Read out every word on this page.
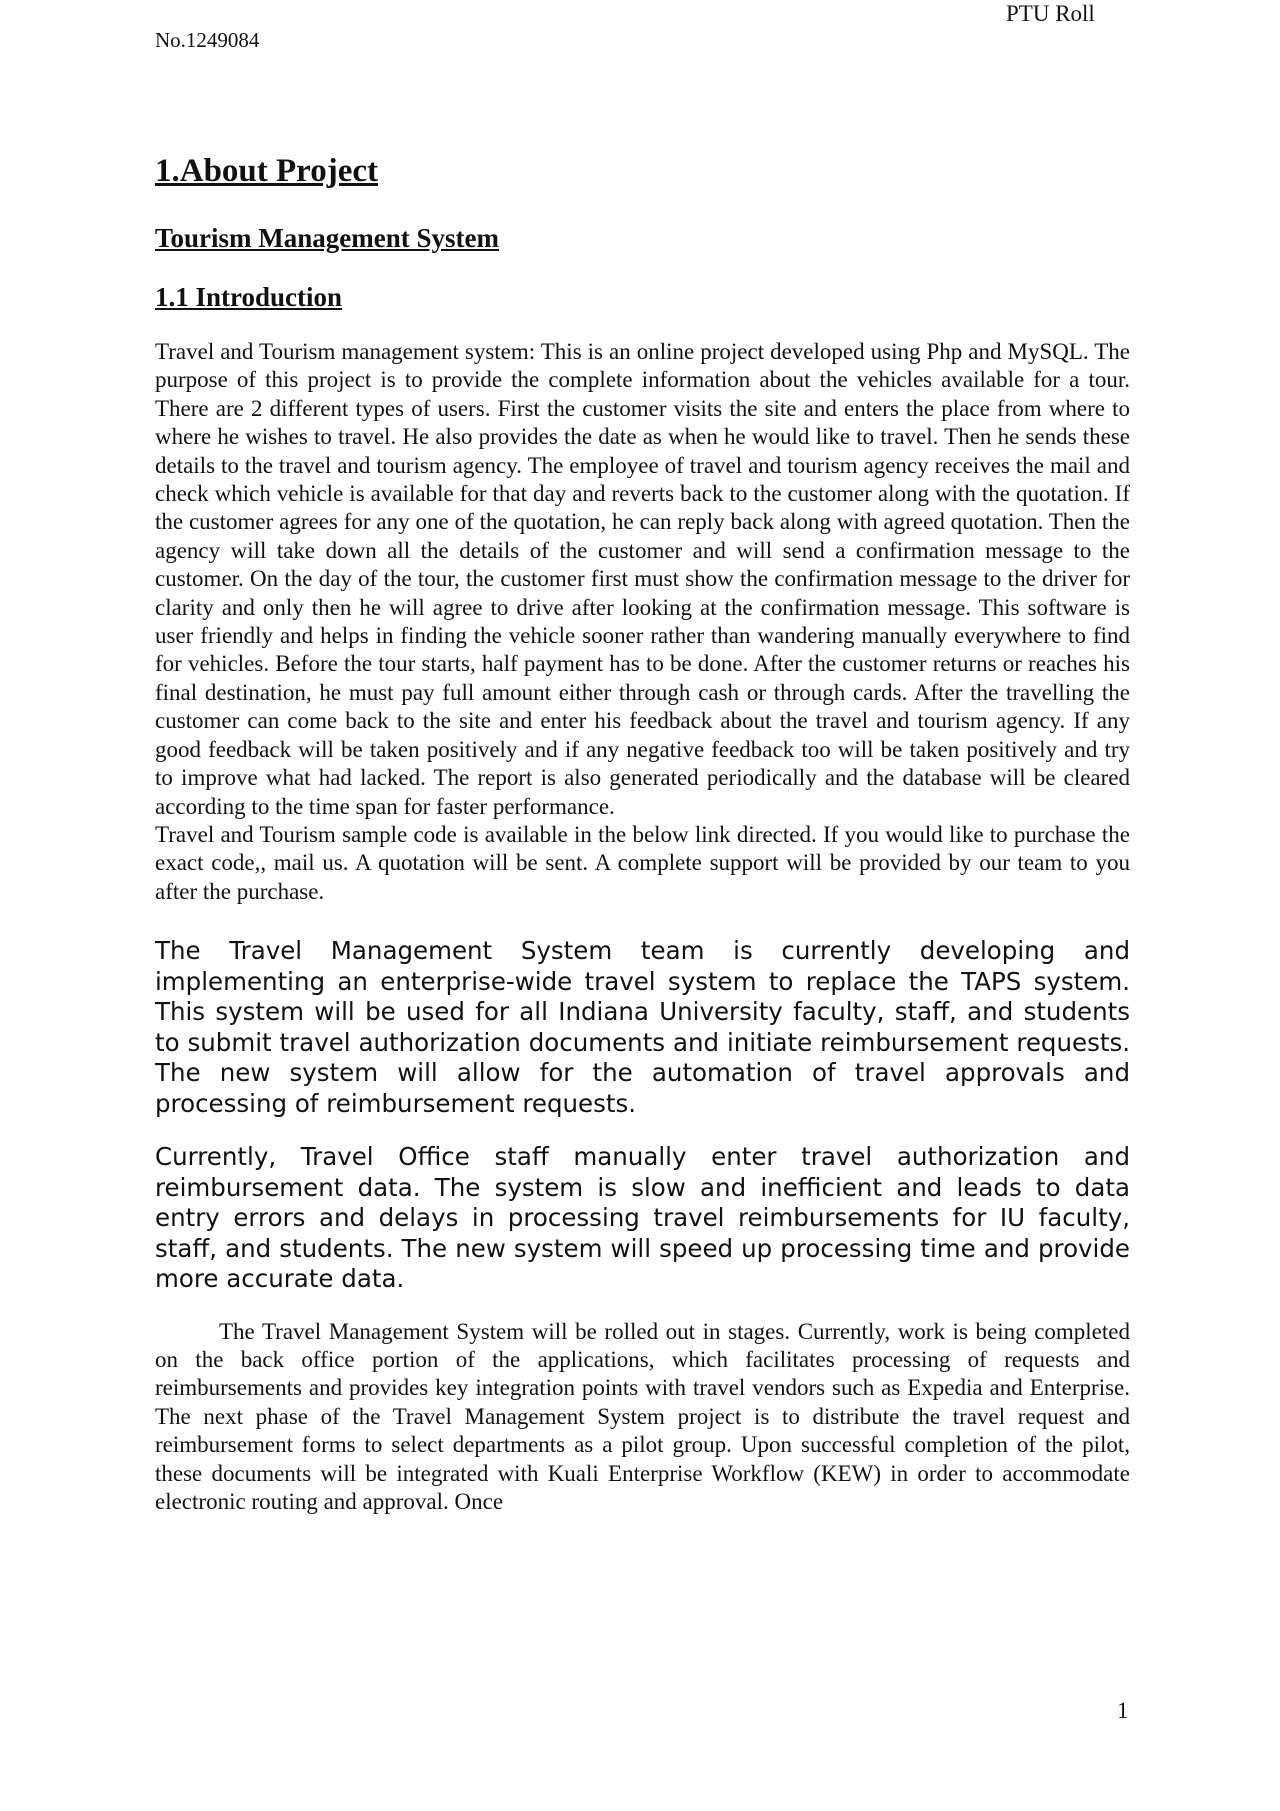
PTU Roll
No.1249084
1.About Project
Tourism Management System
1.1 Introduction

Travel and Tourism management system: This is an online project developed using Php and MySQL. The purpose of this project is to provide the complete information about the vehicles available for a tour. There are 2 different types of users. First the customer visits the site and enters the place from where to where he wishes to travel. He also provides the date as when he would like to travel. Then he sends these details to the travel and tourism agency. The employee of travel and tourism agency receives the mail and check which vehicle is available for that day and reverts back to the customer along with the quotation. If the customer agrees for any one of the quotation, he can reply back along with agreed quotation. Then the agency will take down all the details of the customer and will send a confirmation message to the customer. On the day of the tour, the customer first must show the confirmation message to the driver for clarity and only then he will agree to drive after looking at the confirmation message. This software is user friendly and helps in finding the vehicle sooner rather than wandering manually everywhere to find for vehicles. Before the tour starts, half payment has to be done. After the customer returns or reaches his final destination, he must pay full amount either through cash or through cards. After the travelling the customer can come back to the site and enter his feedback about the travel and tourism agency. If any good feedback will be taken positively and if any negative feedback too will be taken positively and try to improve what had lacked. The report is also generated periodically and the database will be cleared according to the time span for faster performance.

Travel and Tourism sample code is available in the below link directed. If you would like to purchase the exact code,, mail us. A quotation will be sent. A complete support will be provided by our team to you after the purchase.

The Travel Management System team is currently developing and implementing an enterprise-wide travel system to replace the TAPS system. This system will be used for all Indiana University faculty, staff, and students to submit travel authorization documents and initiate reimbursement requests. The new system will allow for the automation of travel approvals and processing of reimbursement requests.

Currently, Travel Office staff manually enter travel authorization and reimbursement data. The system is slow and inefficient and leads to data entry errors and delays in processing travel reimbursements for IU faculty, staff, and students. The new system will speed up processing time and provide more accurate data.

The Travel Management System will be rolled out in stages. Currently, work is being completed on the back office portion of the applications, which facilitates processing of requests and reimbursements and provides key integration points with travel vendors such as Expedia and Enterprise. The next phase of the Travel Management System project is to distribute the travel request and reimbursement forms to select departments as a pilot group. Upon successful completion of the pilot, these documents will be integrated with Kuali Enterprise Workflow (KEW) in order to accommodate electronic routing and approval. Once

1
